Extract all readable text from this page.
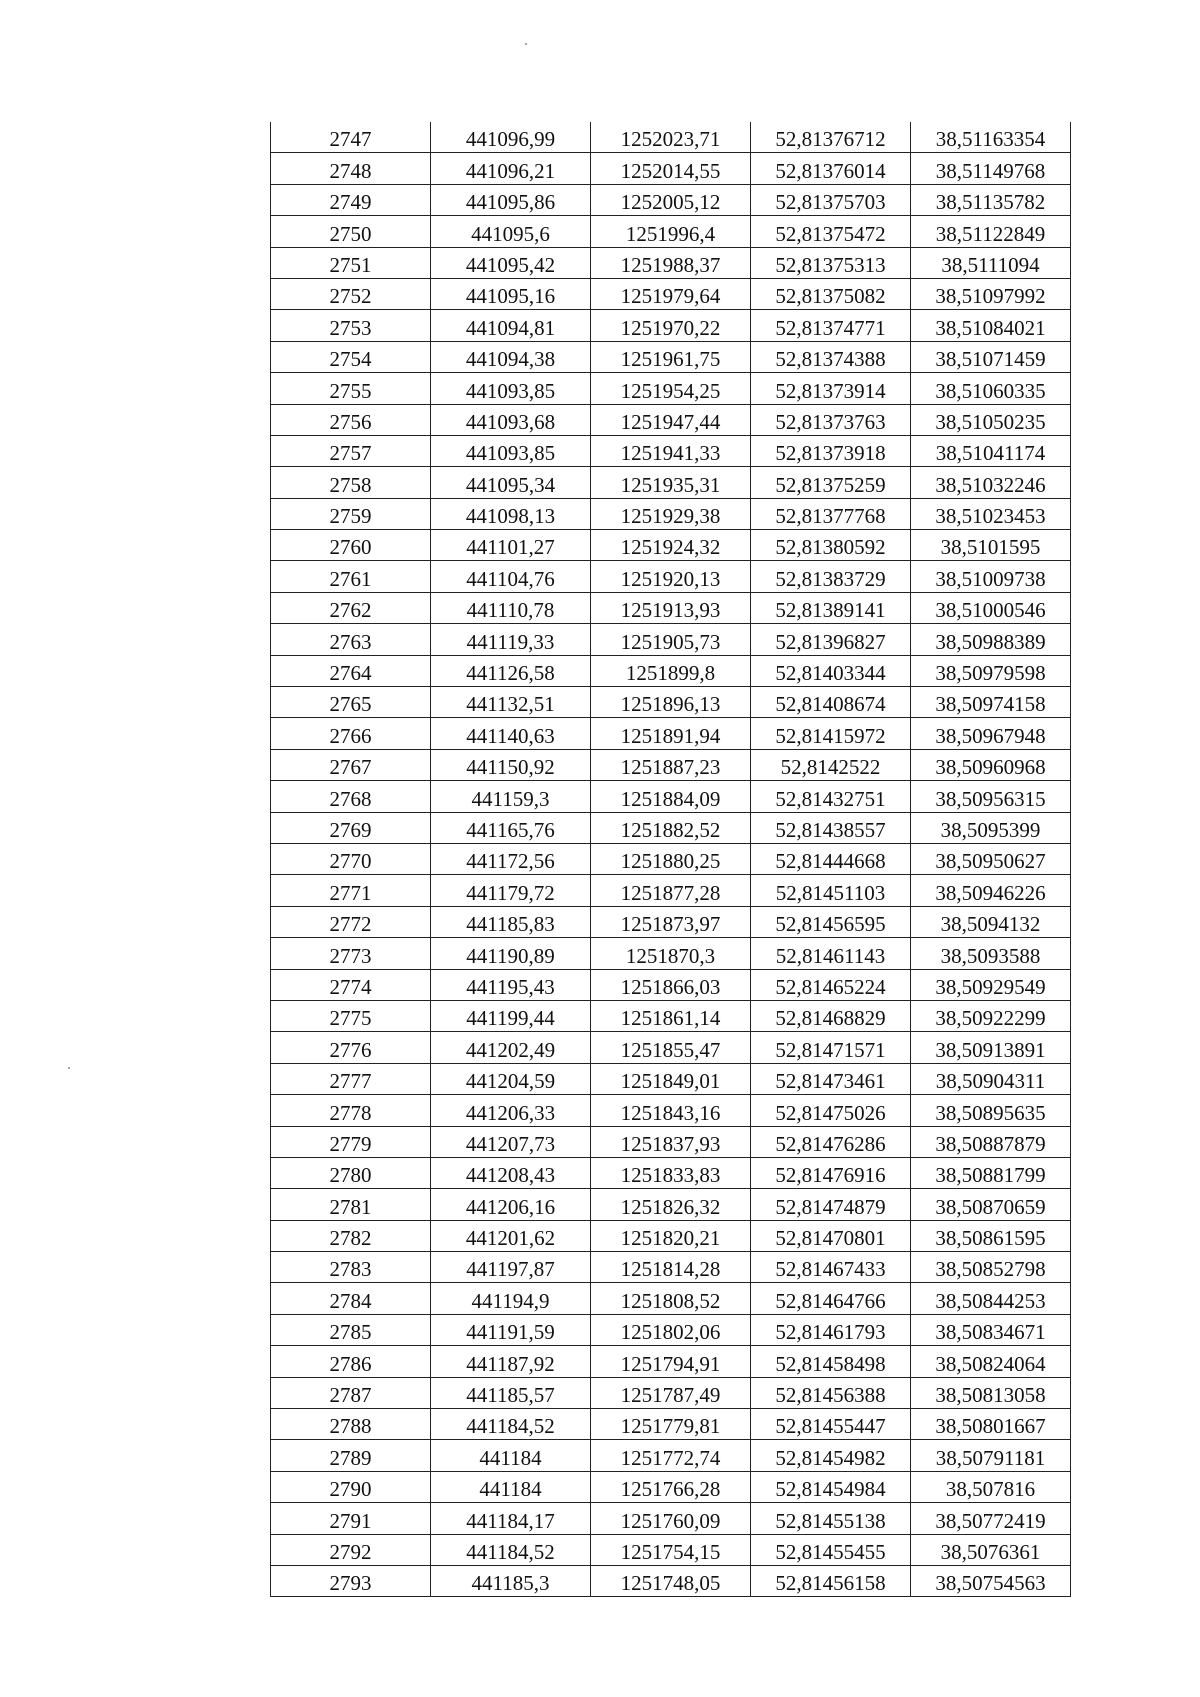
2747	441096,99	1252023,71	52,81376712	38,51163354
2748	441096,21	1252014,55	52,81376014	38,51149768
2749	441095,86	1252005,12	52,81375703	38,51135782
2750	441095,6	1251996,4	52,81375472	38,51122849
2751	441095,42	1251988,37	52,81375313	38,5111094
2752	441095,16	1251979,64	52,81375082	38,51097992
2753	441094,81	1251970,22	52,81374771	38,51084021
2754	441094,38	1251961,75	52,81374388	38,51071459
2755	441093,85	1251954,25	52,81373914	38,51060335
2756	441093,68	1251947,44	52,81373763	38,51050235
2757	441093,85	1251941,33	52,81373918	38,51041174
2758	441095,34	1251935,31	52,81375259	38,51032246
2759	441098,13	1251929,38	52,81377768	38,51023453
2760	441101,27	1251924,32	52,81380592	38,5101595
2761	441104,76	1251920,13	52,81383729	38,51009738
2762	441110,78	1251913,93	52,81389141	38,51000546
2763	441119,33	1251905,73	52,81396827	38,50988389
2764	441126,58	1251899,8	52,81403344	38,50979598
2765	441132,51	1251896,13	52,81408674	38,50974158
2766	441140,63	1251891,94	52,81415972	38,50967948
2767	441150,92	1251887,23	52,8142522	38,50960968
2768	441159,3	1251884,09	52,81432751	38,50956315
2769	441165,76	1251882,52	52,81438557	38,5095399
2770	441172,56	1251880,25	52,81444668	38,50950627
2771	441179,72	1251877,28	52,81451103	38,50946226
2772	441185,83	1251873,97	52,81456595	38,5094132
2773	441190,89	1251870,3	52,81461143	38,5093588
2774	441195,43	1251866,03	52,81465224	38,50929549
2775	441199,44	1251861,14	52,81468829	38,50922299
2776	441202,49	1251855,47	52,81471571	38,50913891
2777	441204,59	1251849,01	52,81473461	38,50904311
2778	441206,33	1251843,16	52,81475026	38,50895635
2779	441207,73	1251837,93	52,81476286	38,50887879
2780	441208,43	1251833,83	52,81476916	38,50881799
2781	441206,16	1251826,32	52,81474879	38,50870659
2782	441201,62	1251820,21	52,81470801	38,50861595
2783	441197,87	1251814,28	52,81467433	38,50852798
2784	441194,9	1251808,52	52,81464766	38,50844253
2785	441191,59	1251802,06	52,81461793	38,50834671
2786	441187,92	1251794,91	52,81458498	38,50824064
2787	441185,57	1251787,49	52,81456388	38,50813058
2788	441184,52	1251779,81	52,81455447	38,50801667
2789	441184	1251772,74	52,81454982	38,50791181
2790	441184	1251766,28	52,81454984	38,507816
2791	441184,17	1251760,09	52,81455138	38,50772419
2792	441184,52	1251754,15	52,81455455	38,5076361
2793	441185,3	1251748,05	52,81456158	38,50754563
